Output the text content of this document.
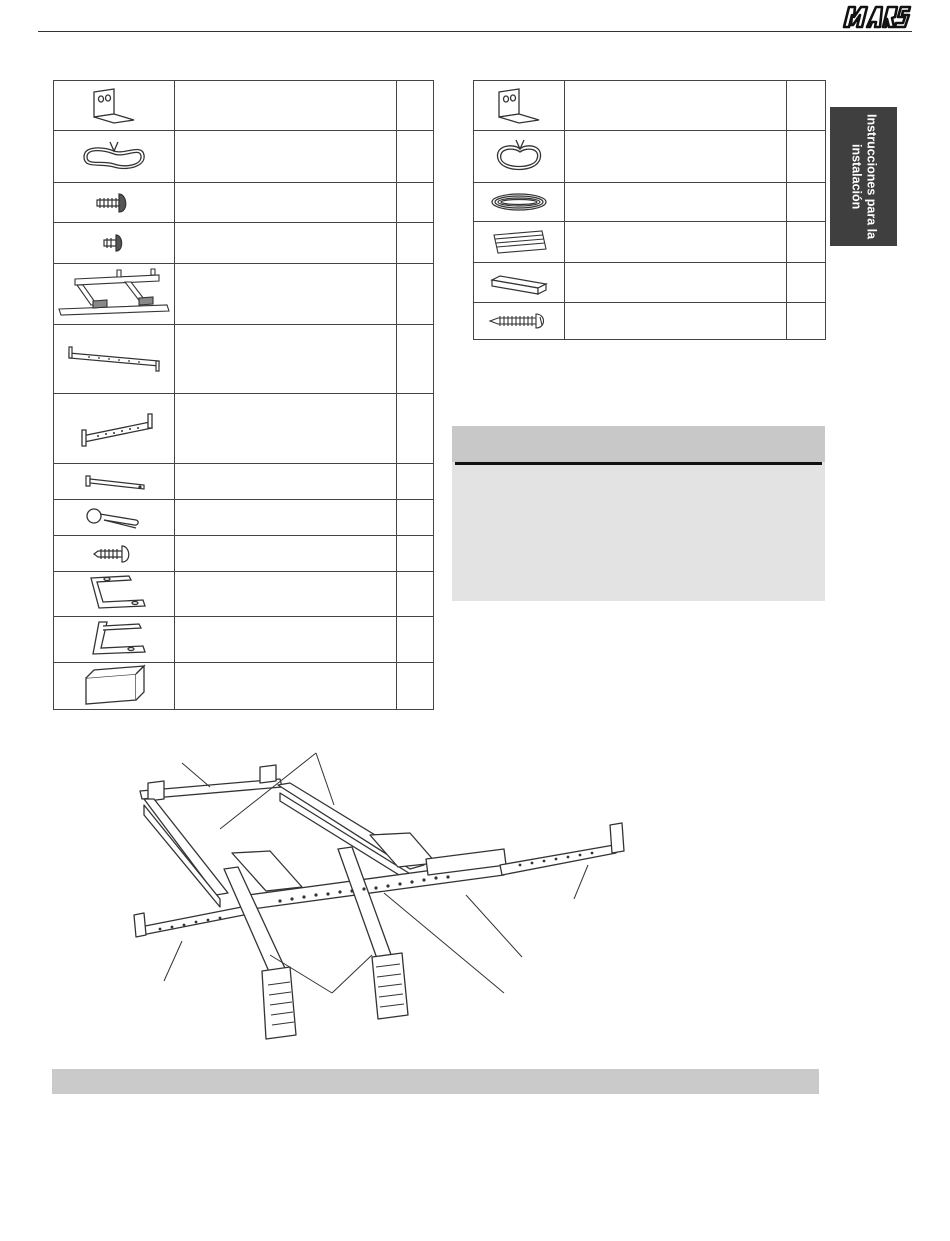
Instrucciones para la instalación
